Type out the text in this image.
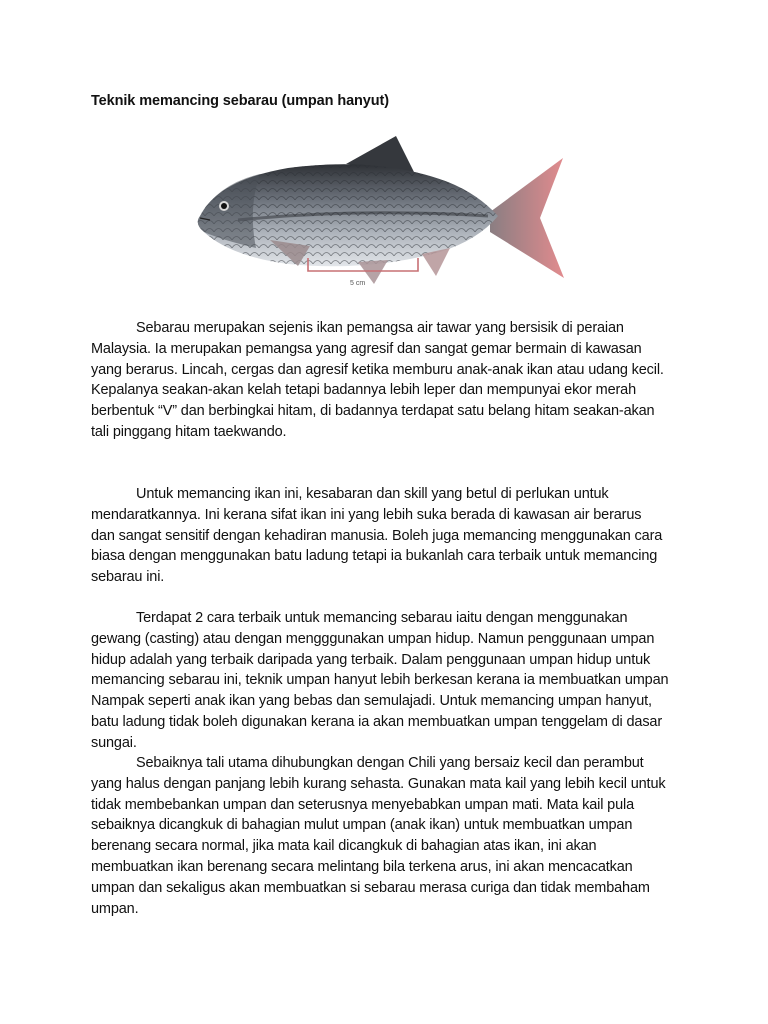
Teknik memancing sebarau (umpan hanyut)
5 cm

Sebarau merupakan sejenis ikan pemangsa air tawar yang bersisik di peraian
Malaysia. Ia merupakan pemangsa yang agresif dan sangat gemar bermain di kawasan
yang berarus. Lincah, cergas dan agresif ketika memburu anak-anak ikan atau udang kecil.
Kepalanya seakan-akan kelah tetapi badannya lebih leper dan mempunyai ekor merah
berbentuk “V” dan berbingkai hitam, di badannya terdapat satu belang hitam seakan-akan
tali pinggang hitam taekwando.

Untuk memancing ikan ini, kesabaran dan skill yang betul di perlukan untuk
mendaratkannya. Ini kerana sifat ikan ini yang lebih suka berada di kawasan air berarus
dan sangat sensitif dengan kehadiran manusia. Boleh juga memancing menggunakan cara
biasa dengan menggunakan batu ladung tetapi ia bukanlah cara terbaik untuk memancing
sebarau ini.

Terdapat 2 cara terbaik untuk memancing sebarau iaitu dengan menggunakan
gewang (casting) atau dengan mengggunakan umpan hidup. Namun penggunaan umpan
hidup adalah yang terbaik daripada yang terbaik. Dalam penggunaan umpan hidup untuk
memancing sebarau ini, teknik umpan hanyut lebih berkesan kerana ia membuatkan umpan
Nampak seperti anak ikan yang bebas dan semulajadi. Untuk memancing umpan hanyut,
batu ladung tidak boleh digunakan kerana ia akan membuatkan umpan tenggelam di dasar
sungai.

Sebaiknya tali utama dihubungkan dengan Chili yang bersaiz kecil dan perambut
yang halus dengan panjang lebih kurang sehasta. Gunakan mata kail yang lebih kecil untuk
tidak membebankan umpan dan seterusnya menyebabkan umpan mati. Mata kail pula
sebaiknya dicangkuk di bahagian mulut umpan (anak ikan) untuk membuatkan umpan
berenang secara normal, jika mata kail dicangkuk di bahagian atas ikan, ini akan
membuatkan ikan berenang secara melintang bila terkena arus, ini akan mencacatkan
umpan dan sekaligus akan membuatkan si sebarau merasa curiga dan tidak membaham
umpan.
